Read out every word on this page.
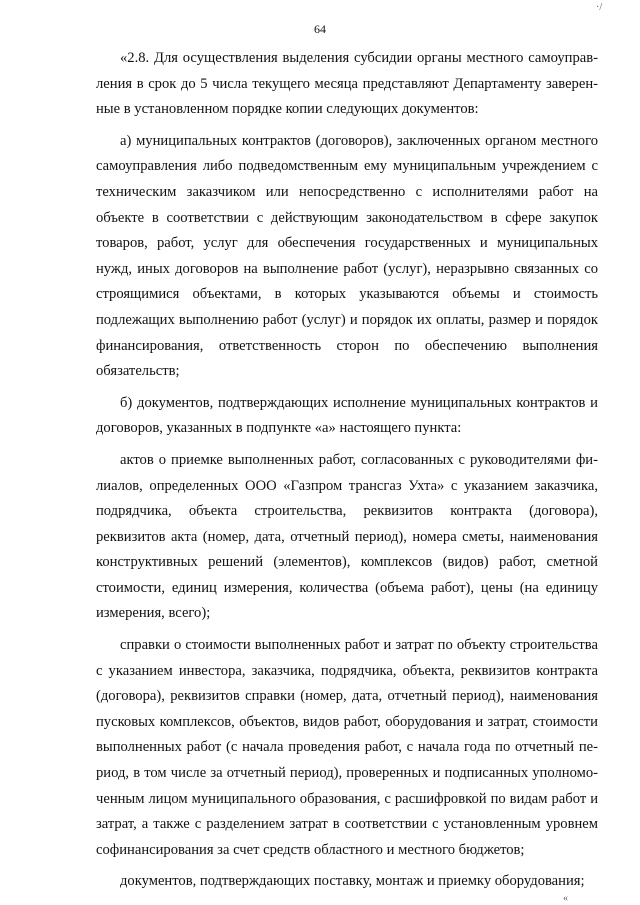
·/
64

«2.8. Для осуществления выделения субсидии органы местного самоуправления в срок до 5 числа текущего месяца представляют Департаменту заверенные в установленном порядке копии следующих документов:

а) муниципальных контрактов (договоров), заключенных органом местного самоуправления либо подведомственным ему муниципальным учреждением с техническим заказчиком или непосредственно с исполнителями работ на объекте в соответствии с действующим законодательством в сфере закупок товаров, работ, услуг для обеспечения государственных и муниципальных нужд, иных договоров на выполнение работ (услуг), неразрывно связанных со строящимися объектами, в которых указываются объемы и стоимость подлежащих выполнению работ (услуг) и порядок их оплаты, размер и порядок финансирования, ответственность сторон по обеспечению выполнения обязательств;

б) документов, подтверждающих исполнение муниципальных контрактов и договоров, указанных в подпункте «а» настоящего пункта:

актов о приемке выполненных работ, согласованных с руководителями филиалов, определенных ООО «Газпром трансгаз Ухта» с указанием заказчика, подрядчика, объекта строительства, реквизитов контракта (договора), реквизитов акта (номер, дата, отчетный период), номера сметы, наименования конструктивных решений (элементов), комплексов (видов) работ, сметной стоимости, единиц измерения, количества (объема работ), цены (на единицу измерения, всего);

справки о стоимости выполненных работ и затрат по объекту строительства с указанием инвестора, заказчика, подрядчика, объекта, реквизитов контракта (договора), реквизитов справки (номер, дата, отчетный период), наименования пусковых комплексов, объектов, видов работ, оборудования и затрат, стоимости выполненных работ (с начала проведения работ, с начала года по отчетный период, в том числе за отчетный период), проверенных и подписанных уполномоченным лицом муниципального образования, с расшифровкой по видам работ и затрат, а также с разделением затрат в соответствии с установленным уровнем софинансирования за счет средств областного и местного бюджетов;

документов, подтверждающих поставку, монтаж и приемку оборудования;

«
